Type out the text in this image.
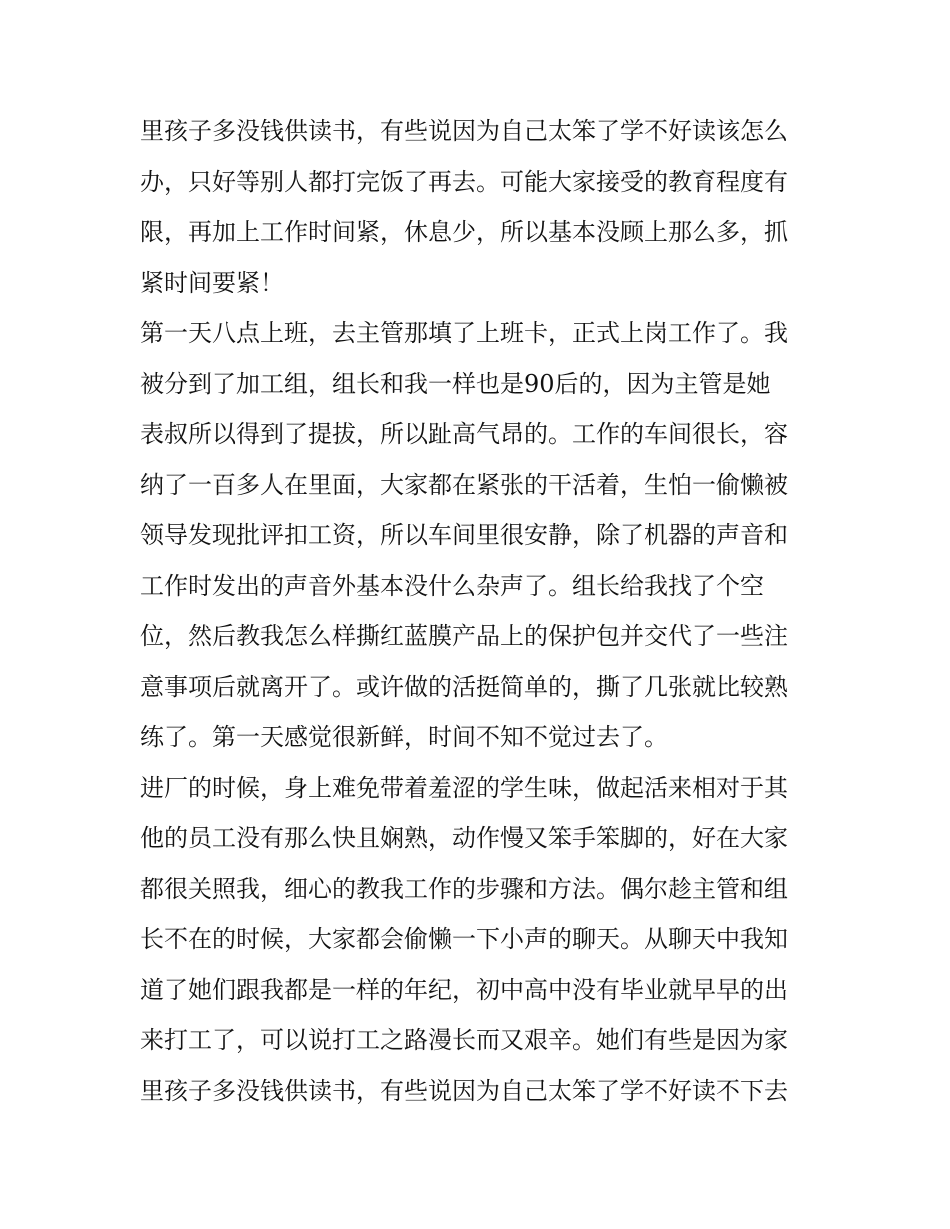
里孩子多没钱供读书，有些说因为自己太笨了学不好读该怎么
办，只好等别人都打完饭了再去。可能大家接受的教育程度有
限，再加上工作时间紧，休息少，所以基本没顾上那么多，抓
紧时间要紧！
第一天八点上班，去主管那填了上班卡，正式上岗工作了。我
被分到了加工组，组长和我一样也是90后的，因为主管是她
表叔所以得到了提拔，所以趾高气昂的。工作的车间很长，容
纳了一百多人在里面，大家都在紧张的干活着，生怕一偷懒被
领导发现批评扣工资，所以车间里很安静，除了机器的声音和
工作时发出的声音外基本没什么杂声了。组长给我找了个空
位，然后教我怎么样撕红蓝膜产品上的保护包并交代了一些注
意事项后就离开了。或许做的活挺简单的，撕了几张就比较熟
练了。第一天感觉很新鲜，时间不知不觉过去了。
进厂的时候，身上难免带着羞涩的学生味，做起活来相对于其
他的员工没有那么快且娴熟，动作慢又笨手笨脚的，好在大家
都很关照我，细心的教我工作的步骤和方法。偶尔趁主管和组
长不在的时候，大家都会偷懒一下小声的聊天。从聊天中我知
道了她们跟我都是一样的年纪，初中高中没有毕业就早早的出
来打工了，可以说打工之路漫长而又艰辛。她们有些是因为家
里孩子多没钱供读书，有些说因为自己太笨了学不好读不下去
